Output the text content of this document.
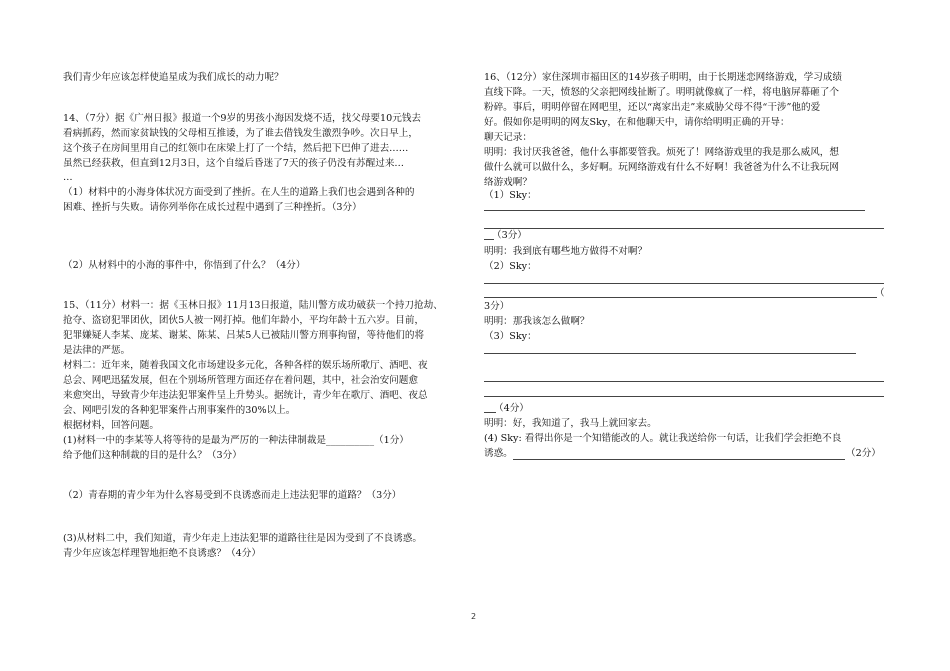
我们青少年应该怎样使追星成为我们成长的动力呢？
14、（7分）据《广州日报》报道一个9岁的男孩小海因发烧不适，找父母要10元钱去
看病抓药，然而家贫缺钱的父母相互推诿，为了谁去借钱发生激烈争吵。次日早上，
这个孩子在房间里用自己的红领巾在床梁上打了一个结，然后把下巴伸了进去……
虽然已经获救，但直到12月3日，这个自缢后昏迷了7天的孩子仍没有苏醒过来…
…
（1）材料中的小海身体状况方面受到了挫折。在人生的道路上我们也会遇到各种的
困难、挫折与失败。请你列举你在成长过程中遇到了三种挫折。（3分）
（2）从材料中的小海的事件中，你悟到了什么？（4分）
15、（11分）材料一：据《玉林日报》11月13日报道，陆川警方成功破获一个持刀抢劫、
抢夺、盗窃犯罪团伙，团伙5人被一网打掉。他们年龄小，平均年龄十五六岁。目前，
犯罪嫌疑人李某、庞某、谢某、陈某、吕某5人已被陆川警方刑事拘留，等待他们的将
是法律的严惩。
材料二：近年来，随着我国文化市场建设多元化，各种各样的娱乐场所歌厅、酒吧、夜
总会、网吧迅猛发展，但在个别场所管理方面还存在着问题，其中，社会治安问题愈
来愈突出，导致青少年违法犯罪案件呈上升势头。据统计，青少年在歌厅、酒吧、夜总
会、网吧引发的各种犯罪案件占刑事案件的30%以上。
根据材料，回答问题。
(1)材料一中的李某等人将等待的是最为严厉的一种法律制裁是__________（1分）
给予他们这种制裁的目的是什么？（3分）
（2）青春期的青少年为什么容易受到不良诱惑而走上违法犯罪的道路？（3分）
(3)从材料二中，我们知道，青少年走上违法犯罪的道路往往是因为受到了不良诱惑。
青少年应该怎样理智地拒绝不良诱惑？（4分）
16、（12分）家住深圳市福田区的14岁孩子明明，由于长期迷恋网络游戏，学习成绩
直线下降。一天，愤怒的父亲把网线扯断了。明明就像疯了一样，将电脑屏幕砸了个
粉碎。事后，明明停留在网吧里，还以“离家出走”来威胁父母不得“干涉”他的爱
好。假如你是明明的网友Sky，在和他聊天中，请你给明明正确的开导：
聊天记录：
明明：我讨厌我爸爸，他什么事都要管我。烦死了！网络游戏里的我是那么威风，想
做什么就可以做什么，多好啊。玩网络游戏有什么不好啊！我爸爸为什么不让我玩网
络游戏啊？
（1）Sky：
（3分）
明明：我到底有哪些地方做得不对啊？
（2）Sky：
（
3分）
明明：那我该怎么做啊？
（3）Sky：
（4分）
明明：好，我知道了，我马上就回家去。
(4) Sky: 看得出你是一个知错能改的人。就让我送给你一句话，让我们学会拒绝不良
诱惑。	（2分）
2
